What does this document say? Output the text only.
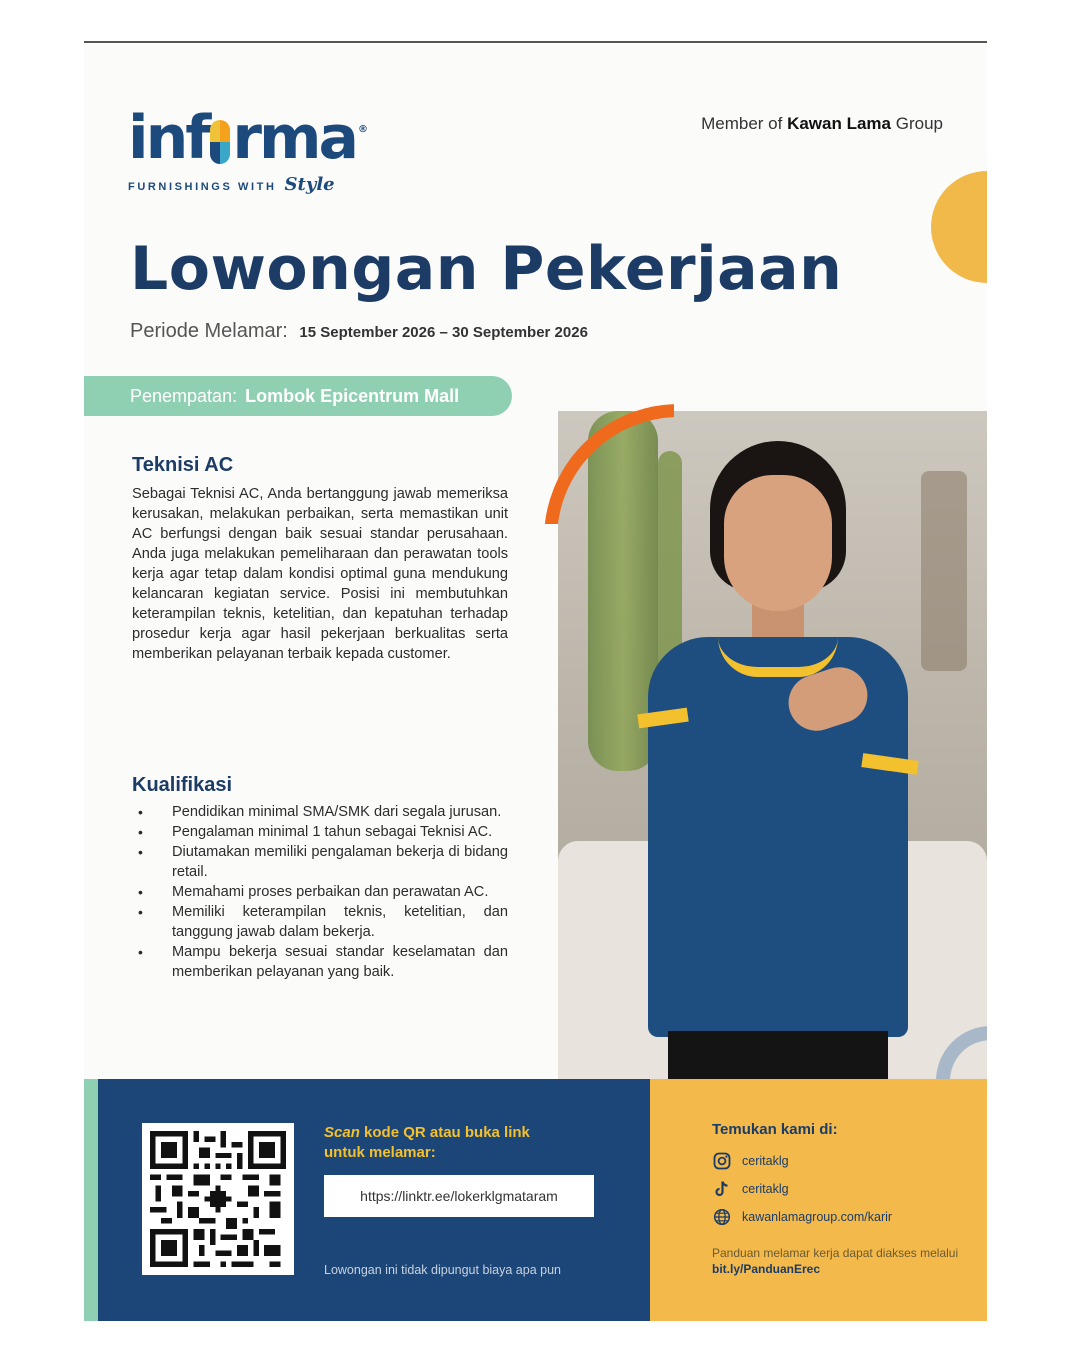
inf rma ®
FURNISHINGS WITH Style
Member of Kawan Lama Group
Lowongan Pekerjaan
Periode Melamar: 15 September 2026 – 30 September 2026
Penempatan: Lombok Epicentrum Mall
Teknisi AC

Sebagai Teknisi AC, Anda bertanggung jawab memeriksa kerusakan, melakukan perbaikan, serta memastikan unit AC berfungsi dengan baik sesuai standar perusahaan. Anda juga melakukan pemeliharaan dan perawatan tools kerja agar tetap dalam kondisi optimal guna mendukung kelancaran kegiatan service. Posisi ini membutuhkan keterampilan teknis, ketelitian, dan kepatuhan terhadap prosedur kerja agar hasil pekerjaan berkualitas serta memberikan pelayanan terbaik kepada customer.

Kualifikasi
• Pendidikan minimal SMA/SMK dari segala jurusan.
• Pengalaman minimal 1 tahun sebagai Teknisi AC.
• Diutamakan memiliki pengalaman bekerja di bidang retail.
• Memahami proses perbaikan dan perawatan AC.
• Memiliki keterampilan teknis, ketelitian, dan tanggung jawab dalam bekerja.
• Mampu bekerja sesuai standar keselamatan dan memberikan pelayanan yang baik.
Scan kode QR atau buka link untuk melamar:
https://linktr.ee/lokerklgmataram
Lowongan ini tidak dipungut biaya apa pun
Temukan kami di:
ceritaklg
ceritaklg
kawanlamagroup.com/karir
Panduan melamar kerja dapat diakses melalui bit.ly/PanduanErec
